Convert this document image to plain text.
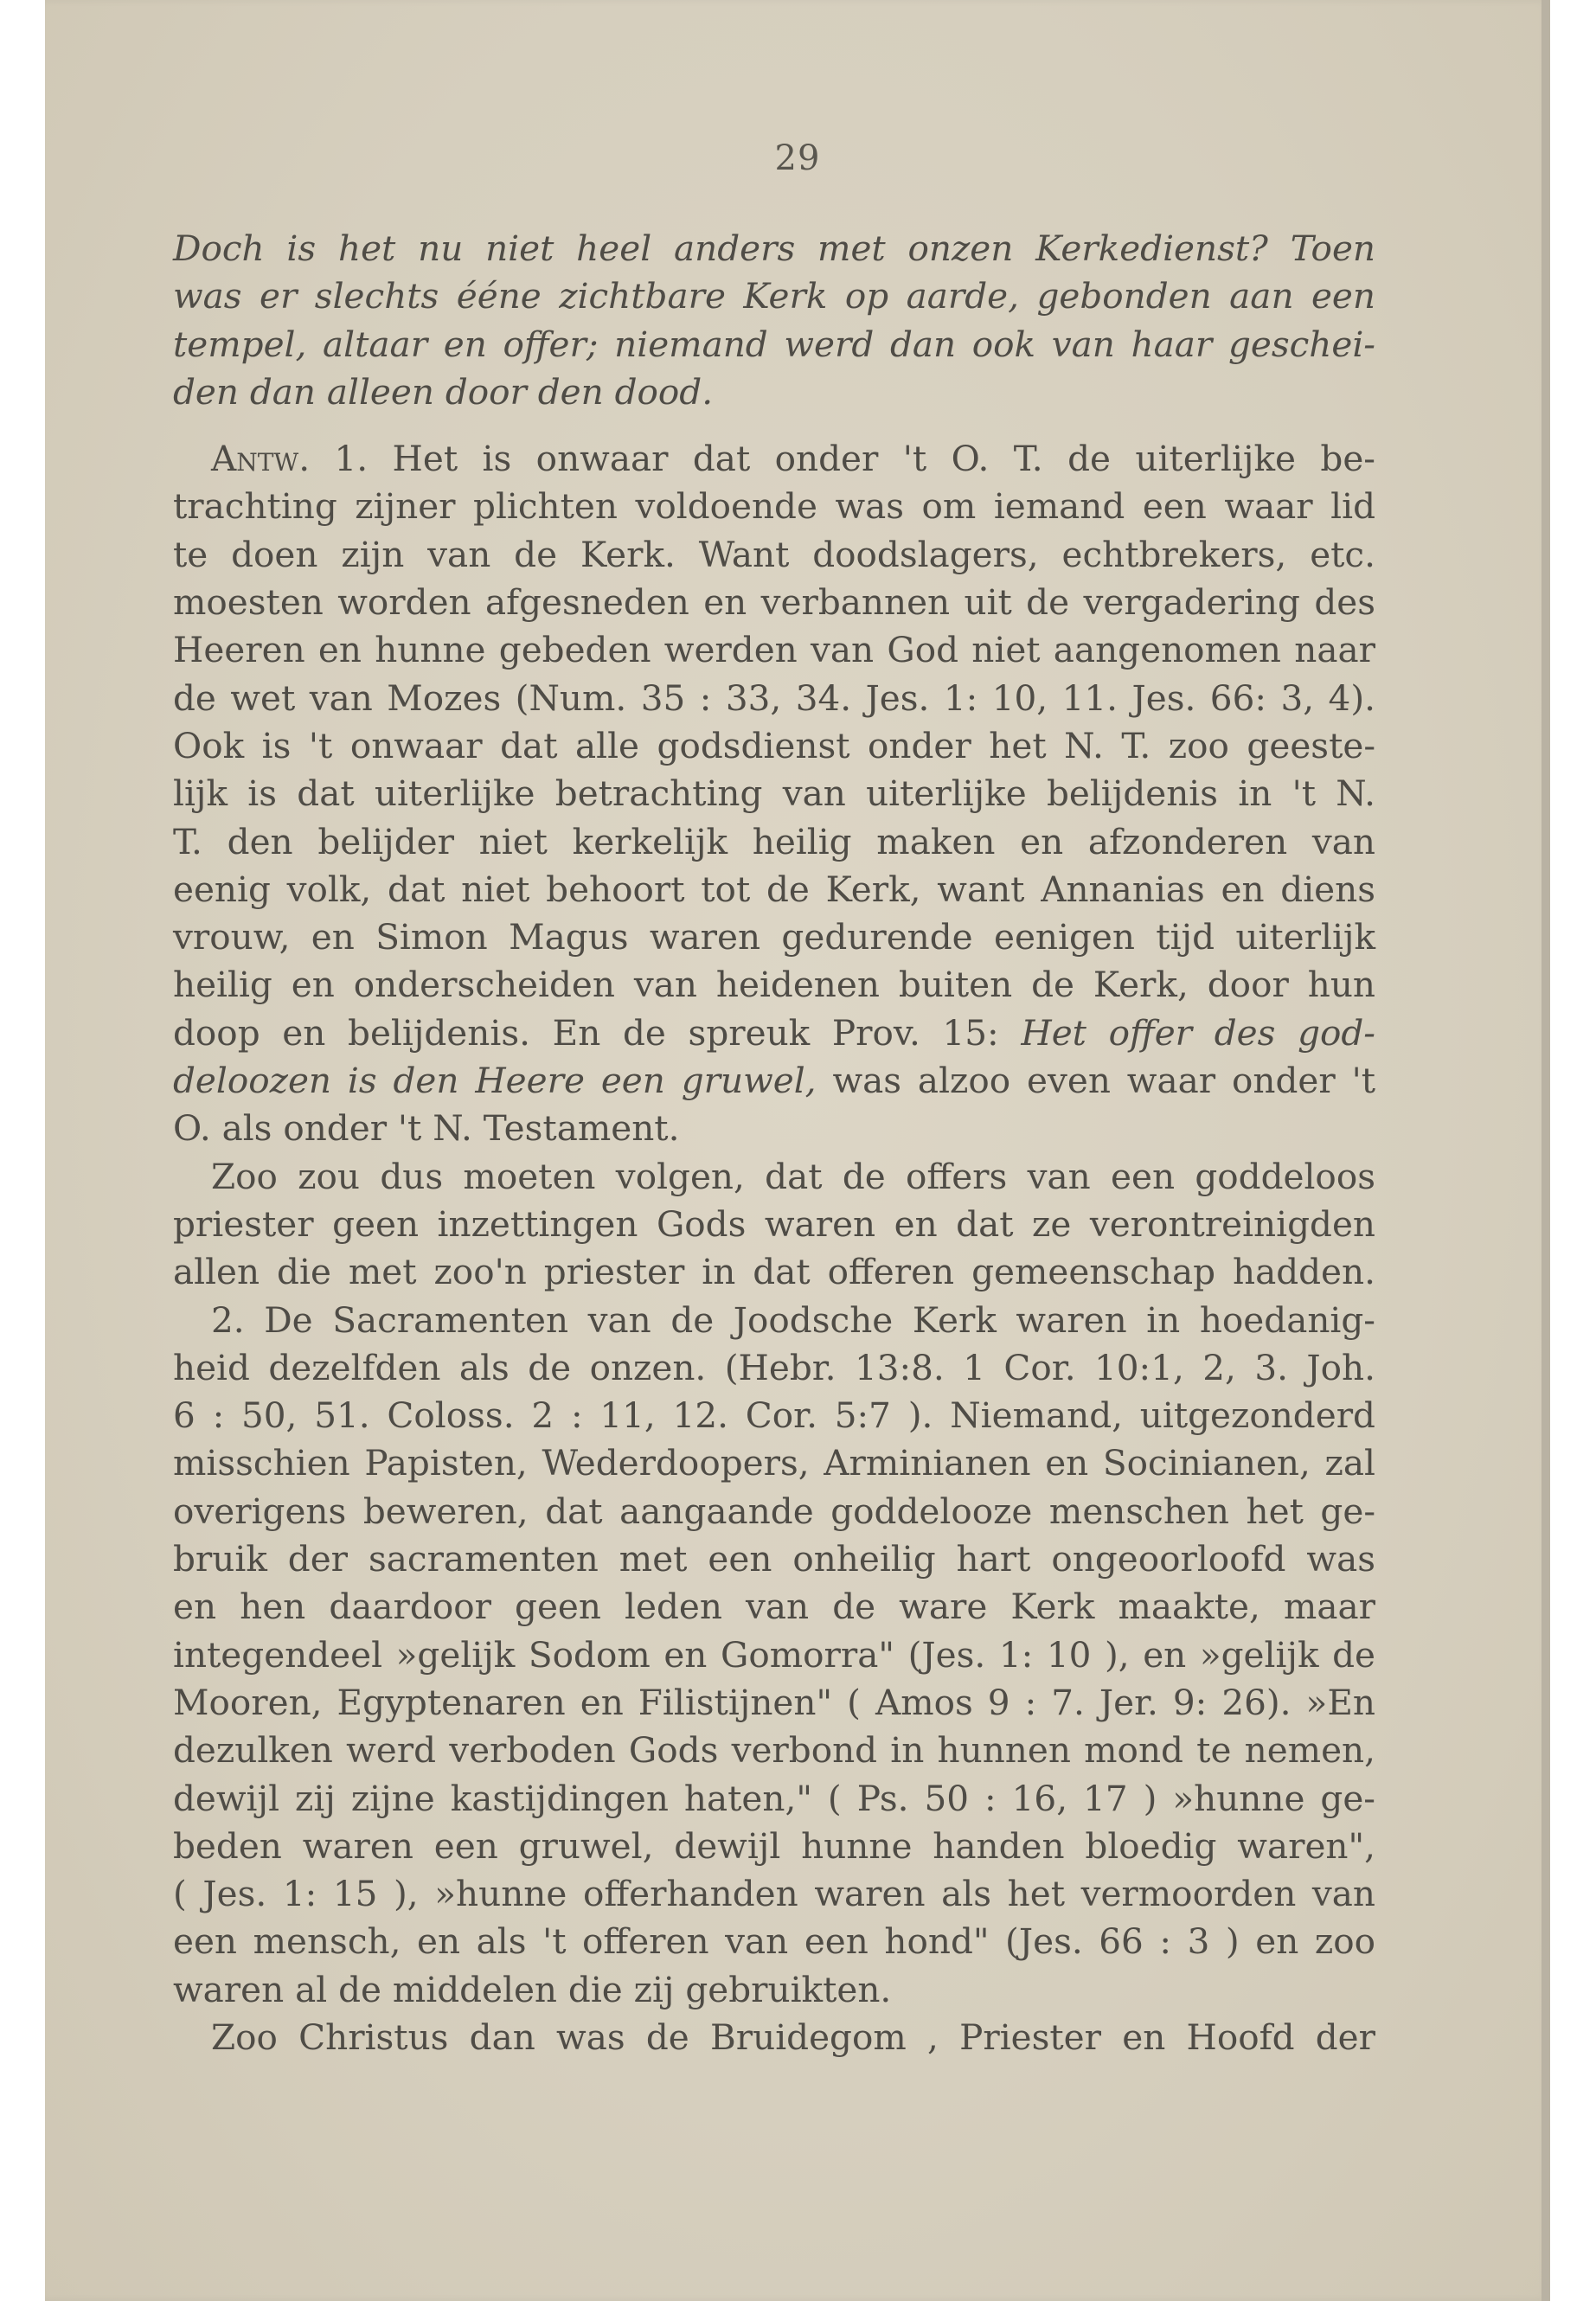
29
Doch is het nu niet heel anders met onzen Kerkedienst? Toen
was er slechts ééne zichtbare Kerk op aarde, gebonden aan een
tempel, altaar en offer; niemand werd dan ook van haar geschei-
den dan alleen door den dood.
Antw. 1. Het is onwaar dat onder 't O. T. de uiterlijke be-
trachting zijner plichten voldoende was om iemand een waar lid
te doen zijn van de Kerk. Want doodslagers, echtbrekers, etc.
moesten worden afgesneden en verbannen uit de vergadering des
Heeren en hunne gebeden werden van God niet aangenomen naar
de wet van Mozes (Num. 35 : 33, 34. Jes. 1: 10, 11. Jes. 66: 3, 4).
Ook is 't onwaar dat alle godsdienst onder het N. T. zoo geeste-
lijk is dat uiterlijke betrachting van uiterlijke belijdenis in 't N.
T. den belijder niet kerkelijk heilig maken en afzonderen van
eenig volk, dat niet behoort tot de Kerk, want Annanias en diens
vrouw, en Simon Magus waren gedurende eenigen tijd uiterlijk
heilig en onderscheiden van heidenen buiten de Kerk, door hun
doop en belijdenis. En de spreuk Prov. 15: Het offer des god-
deloozen is den Heere een gruwel, was alzoo even waar onder 't
O. als onder 't N. Testament.
Zoo zou dus moeten volgen, dat de offers van een goddeloos
priester geen inzettingen Gods waren en dat ze verontreinigden
allen die met zoo'n priester in dat offeren gemeenschap hadden.
2. De Sacramenten van de Joodsche Kerk waren in hoedanig-
heid dezelfden als de onzen. (Hebr. 13:8. 1 Cor. 10:1, 2, 3. Joh.
6 : 50, 51. Coloss. 2 : 11, 12. Cor. 5:7 ). Niemand, uitgezonderd
misschien Papisten, Wederdoopers, Arminianen en Socinianen, zal
overigens beweren, dat aangaande goddelooze menschen het ge-
bruik der sacramenten met een onheilig hart ongeoorloofd was
en hen daardoor geen leden van de ware Kerk maakte, maar
integendeel »gelijk Sodom en Gomorra" (Jes. 1: 10 ), en »gelijk de
Mooren, Egyptenaren en Filistijnen" ( Amos 9 : 7. Jer. 9: 26). »En
dezulken werd verboden Gods verbond in hunnen mond te nemen,
dewijl zij zijne kastijdingen haten," ( Ps. 50 : 16, 17 ) »hunne ge-
beden waren een gruwel, dewijl hunne handen bloedig waren",
( Jes. 1: 15 ), »hunne offerhanden waren als het vermoorden van
een mensch, en als 't offeren van een hond" (Jes. 66 : 3 ) en zoo
waren al de middelen die zij gebruikten.
Zoo Christus dan was de Bruidegom , Priester en Hoofd der
